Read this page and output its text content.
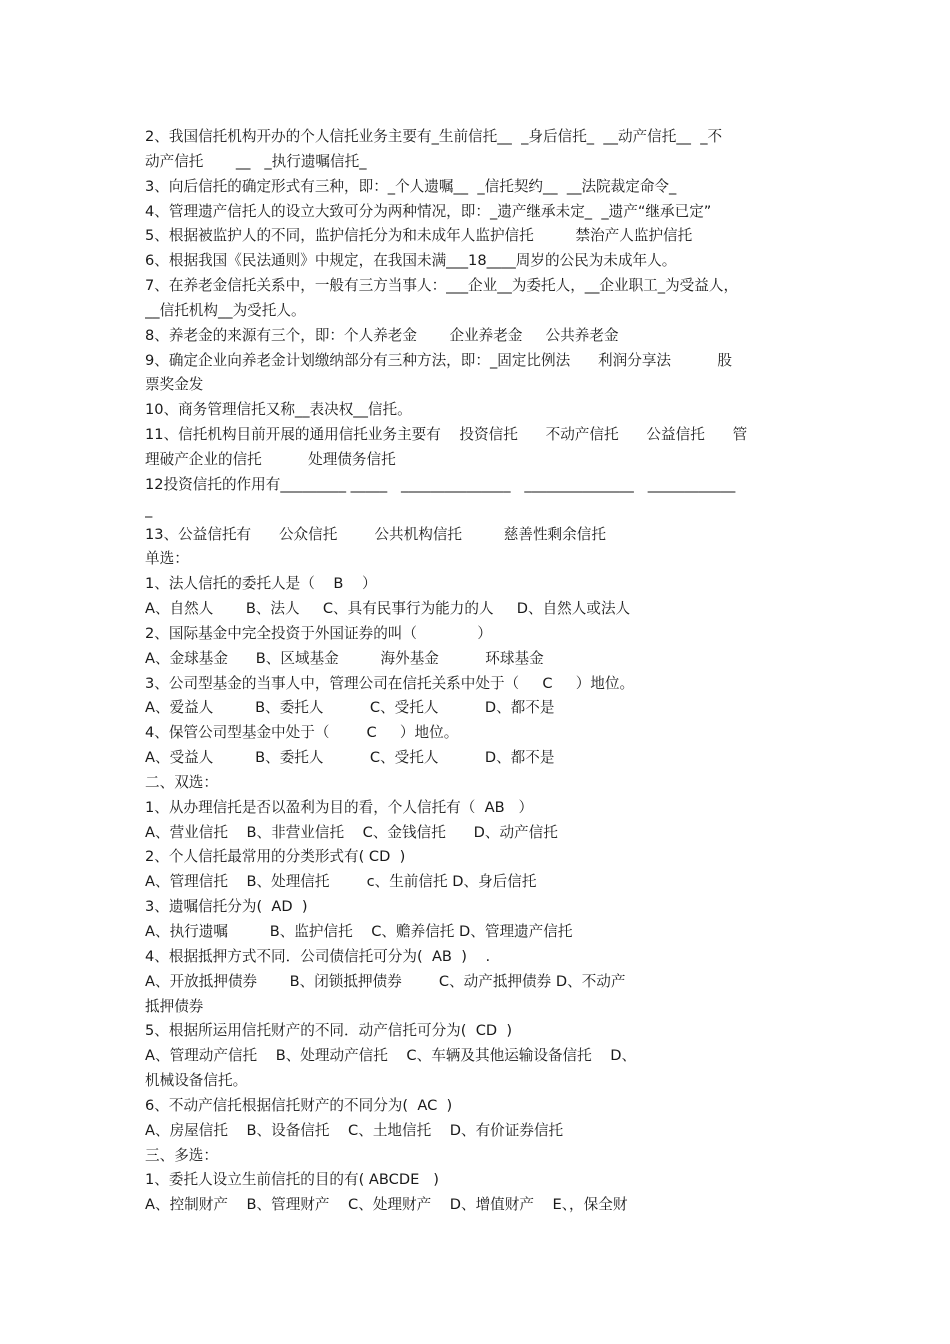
2、我国信托机构开办的个人信托业务主要有_生前信托__  _身后信托_  __动产信托__  _不
动产信托       __   _执行遗嘱信托_
3、向后信托的确定形式有三种，即：_个人遗嘱__  _信托契约__  __法院裁定命令_
4、管理遗产信托人的设立大致可分为两种情况，即：_遗产继承未定_  _遗产“继承已定”
5、根据被监护人的不同，监护信托分为和未成年人监护信托         禁治产人监护信托
6、根据我国《民法通则》中规定，在我国未满___18____周岁的公民为未成年人。
7、在养老金信托关系中，一般有三方当事人：___企业__为委托人，__企业职工_为受益人，
__信托机构__为受托人。
8、养老金的来源有三个，即：个人养老金       企业养老金     公共养老金
9、确定企业向养老金计划缴纳部分有三种方法，即：_固定比例法      利润分享法          股
票奖金发
10、商务管理信托又称__表决权__信托。
11、信托机构目前开展的通用信托业务主要有    投资信托      不动产信托      公益信托      管
理破产企业的信托          处理债务信托
12投资信托的作用有_________ _____   _______________   _______________   ____________
_
13、公益信托有      公众信托        公共机构信托         慈善性剩余信托
单选：
1、法人信托的委托人是（    B    ）
A、自然人       B、法人     C、具有民事行为能力的人     D、自然人或法人
2、国际基金中完全投资于外国证券的叫（             ）
A、金球基金      B、区域基金         海外基金          环球基金
3、公司型基金的当事人中，管理公司在信托关系中处于（     C     ）地位。
A、爱益人         B、委托人          C、受托人          D、都不是
4、保管公司型基金中处于（        C     ）地位。
A、受益人         B、委托人          C、受托人          D、都不是
二、双选：
1、从办理信托是否以盈利为目的看，个人信托有（  AB   ）
A、营业信托    B、非营业信托    C、金钱信托      D、动产信托
2、个人信托最常用的分类形式有( CD  )
A、管理信托    B、处理信托        c、生前信托 D、身后信托
3、遗嘱信托分为(  AD  )
A、执行遗嘱         B、监护信托    C、赡养信托 D、管理遗产信托
4、根据抵押方式不同．公司债信托可分为(  AB  )    .
A、开放抵押债券       B、闭锁抵押债券        C、动产抵押债券 D、不动产
抵押债券
5、根据所运用信托财产的不同．动产信托可分为(  CD  )
A、管理动产信托    B、处理动产信托    C、车辆及其他运输设备信托    D、
机械设备信托。
6、不动产信托根据信托财产的不同分为(  AC  )
A、房屋信托    B、设备信托    C、土地信托    D、有价证券信托
三、多选：
1、委托人设立生前信托的目的有( ABCDE   )
A、控制财产    B、管理财产    C、处理财产    D、增值财产    E、，保全财
